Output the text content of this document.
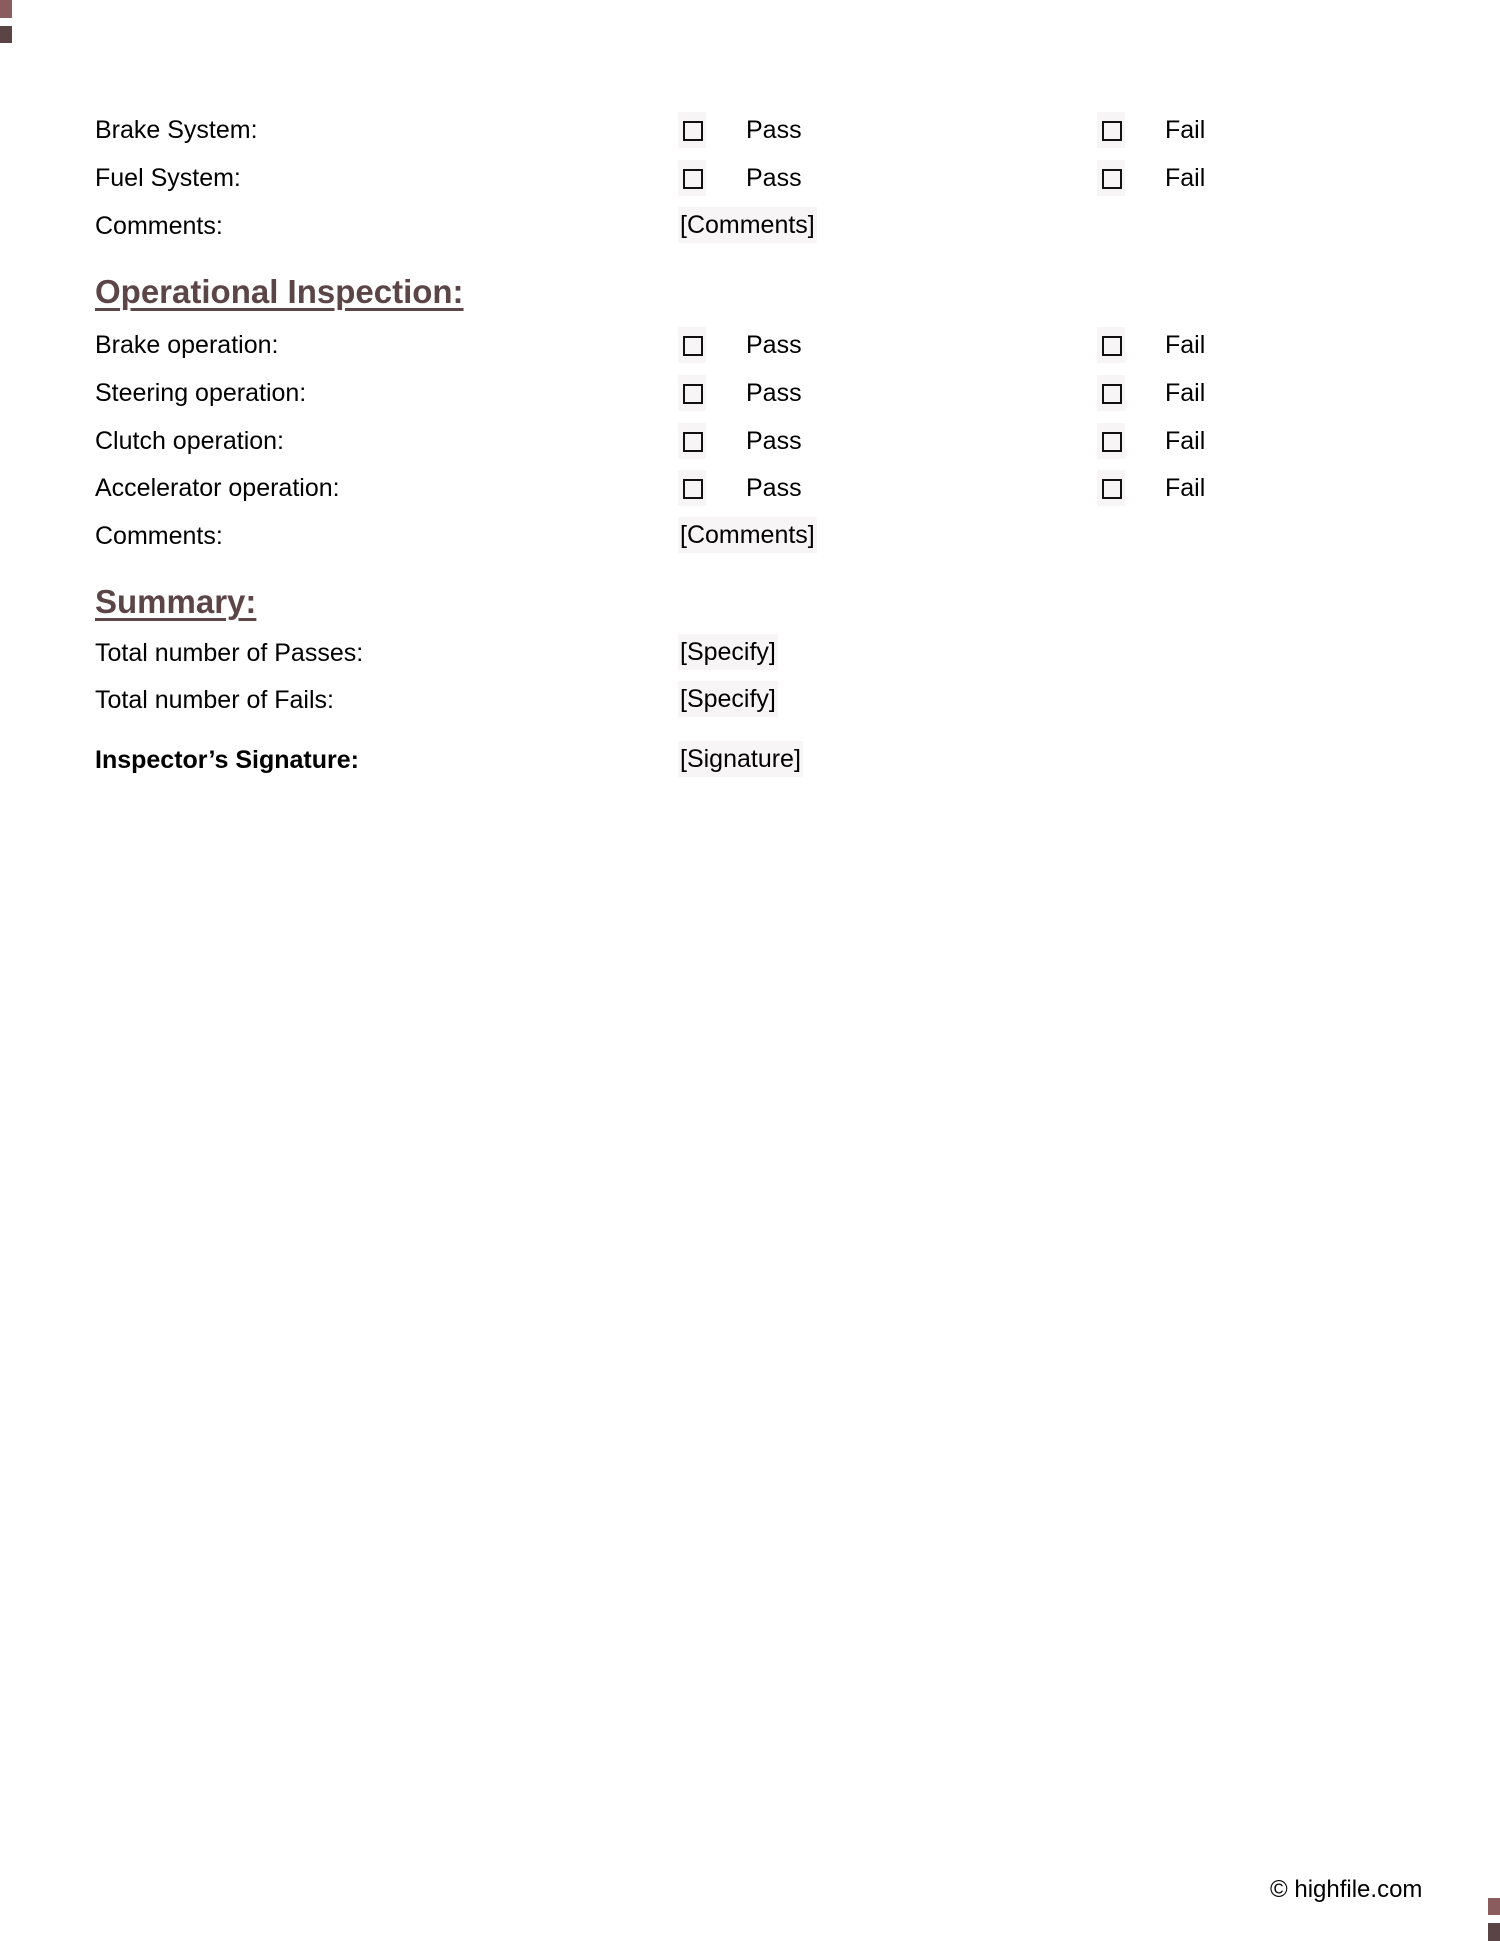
Brake System:	Pass	Fail
Fuel System:	Pass	Fail
Comments:	[Comments]
Operational Inspection:
Brake operation:	Pass	Fail
Steering operation:	Pass	Fail
Clutch operation:	Pass	Fail
Accelerator operation:	Pass	Fail
Comments:	[Comments]
Summary:
Total number of Passes:	[Specify]
Total number of Fails:	[Specify]
Inspector’s Signature:	[Signature]
© highfile.com
